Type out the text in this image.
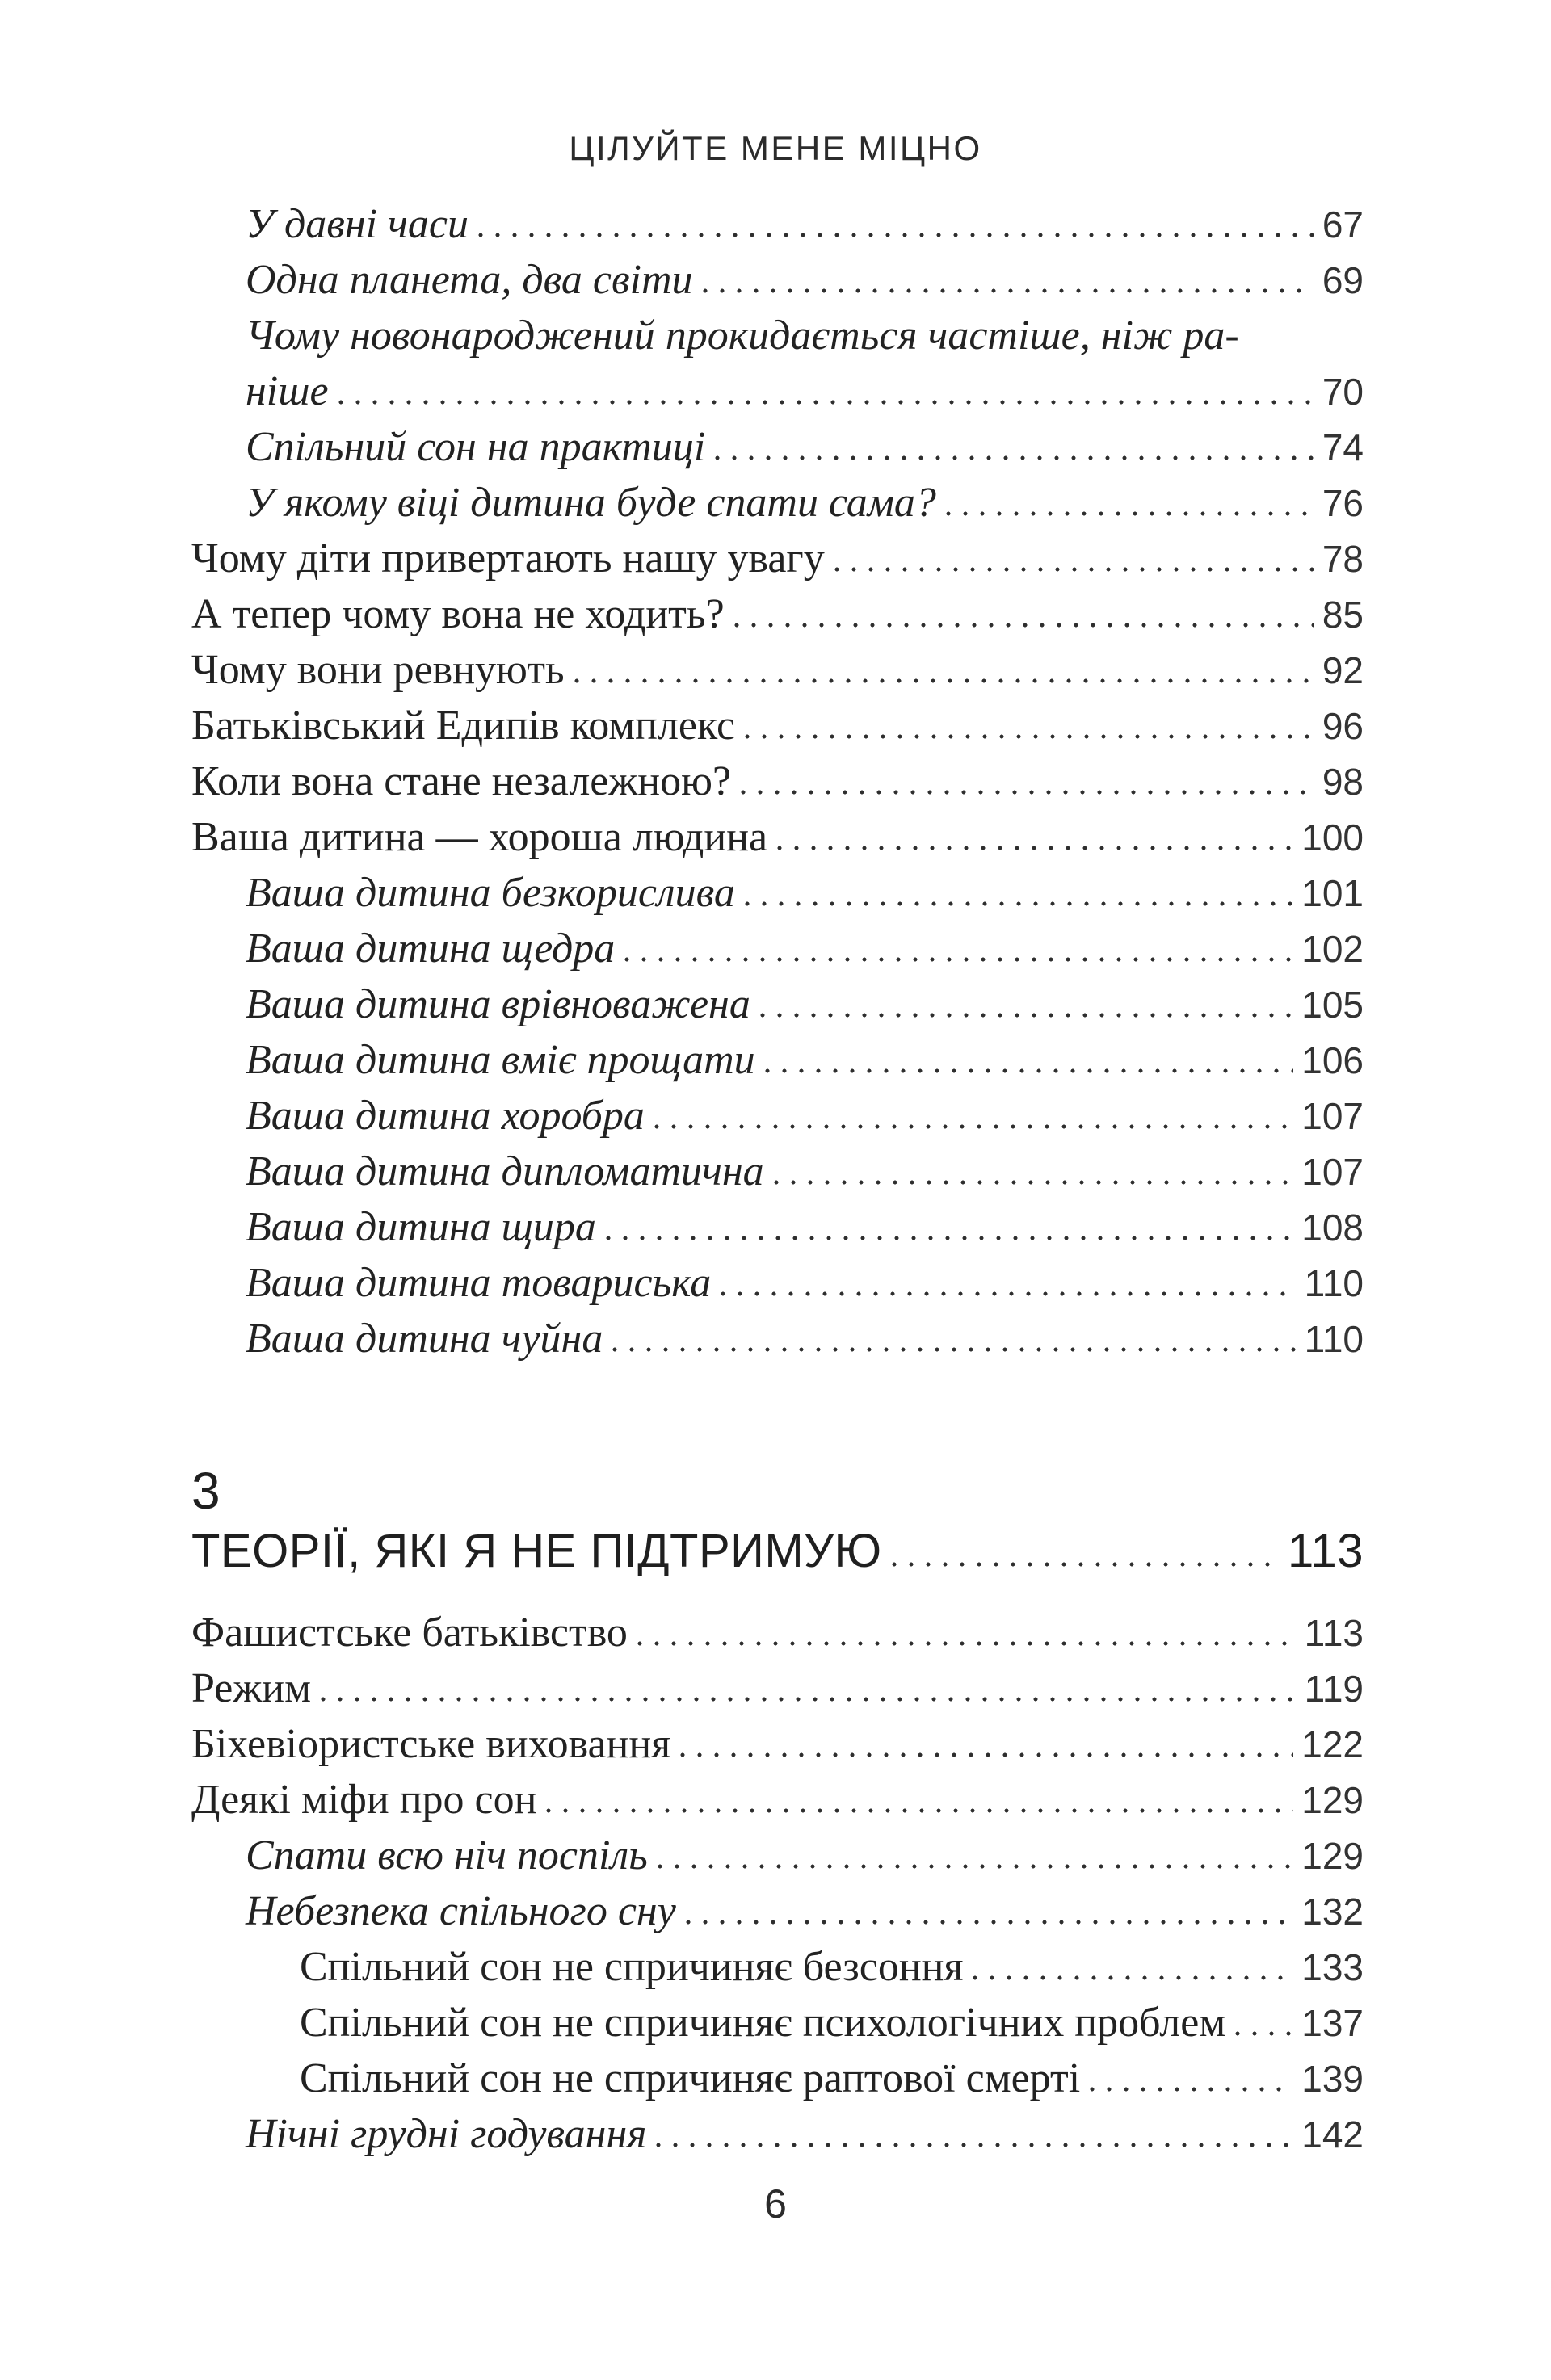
ЦІЛУЙТЕ МЕНЕ МІЦНО
У давні часи	67
Одна планета, два світи	69
Чому новонароджений прокидається частіше, ніж ра-
ніше	70
Спільний сон на практиці	74
У якому віці дитина буде спати сама?	76
Чому діти привертають нашу увагу	78
А тепер чому вона не ходить?	85
Чому вони ревнують	92
Батьківський Едипів комплекс	96
Коли вона стане незалежною?	98
Ваша дитина — хороша людина	100
Ваша дитина безкорислива	101
Ваша дитина щедра	102
Ваша дитина врівноважена	105
Ваша дитина вміє прощати	106
Ваша дитина хоробра	107
Ваша дитина дипломатична	107
Ваша дитина щира	108
Ваша дитина товариська	110
Ваша дитина чуйна	110
3
ТЕОРІЇ, ЯКІ Я НЕ ПІДТРИМУЮ	113
Фашистське батьківство	113
Режим	119
Біхевіористське виховання	122
Деякі міфи про сон	129
Спати всю ніч поспіль	129
Небезпека спільного сну	132
Спільний сон не спричиняє безсоння	133
Спільний сон не спричиняє психологічних проблем 137
Спільний сон не спричиняє раптової смерті	139
Нічні грудні годування	142
6
